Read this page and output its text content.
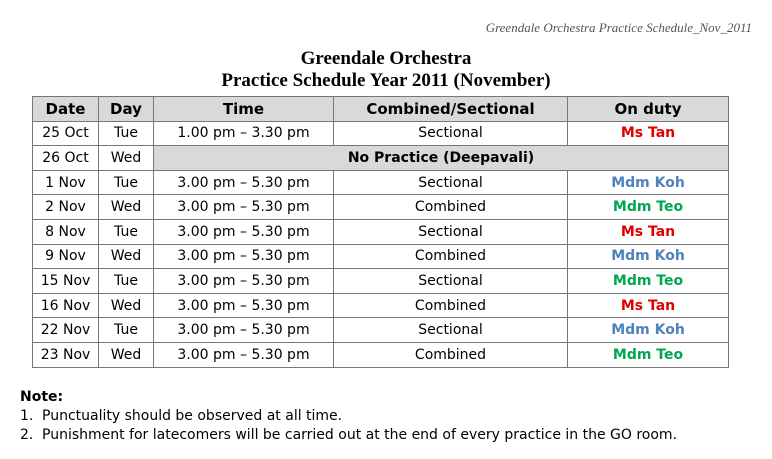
Greendale Orchestra Practice Schedule_Nov_2011
Greendale Orchestra
Practice Schedule Year 2011 (November)
Date	Day	Time	Combined/Sectional	On duty
25 Oct	Tue	1.00 pm – 3.30 pm	Sectional	Ms Tan
26 Oct	Wed	No Practice (Deepavali)		
1 Nov	Tue	3.00 pm – 5.30 pm	Sectional	Mdm Koh
2 Nov	Wed	3.00 pm – 5.30 pm	Combined	Mdm Teo
8 Nov	Tue	3.00 pm – 5.30 pm	Sectional	Ms Tan
9 Nov	Wed	3.00 pm – 5.30 pm	Combined	Mdm Koh
15 Nov	Tue	3.00 pm – 5.30 pm	Sectional	Mdm Teo
16 Nov	Wed	3.00 pm – 5.30 pm	Combined	Ms Tan
22 Nov	Tue	3.00 pm – 5.30 pm	Sectional	Mdm Koh
23 Nov	Wed	3.00 pm – 5.30 pm	Combined	Mdm Teo
Note:
1. Punctuality should be observed at all time.
2. Punishment for latecomers will be carried out at the end of every practice in the GO room.
